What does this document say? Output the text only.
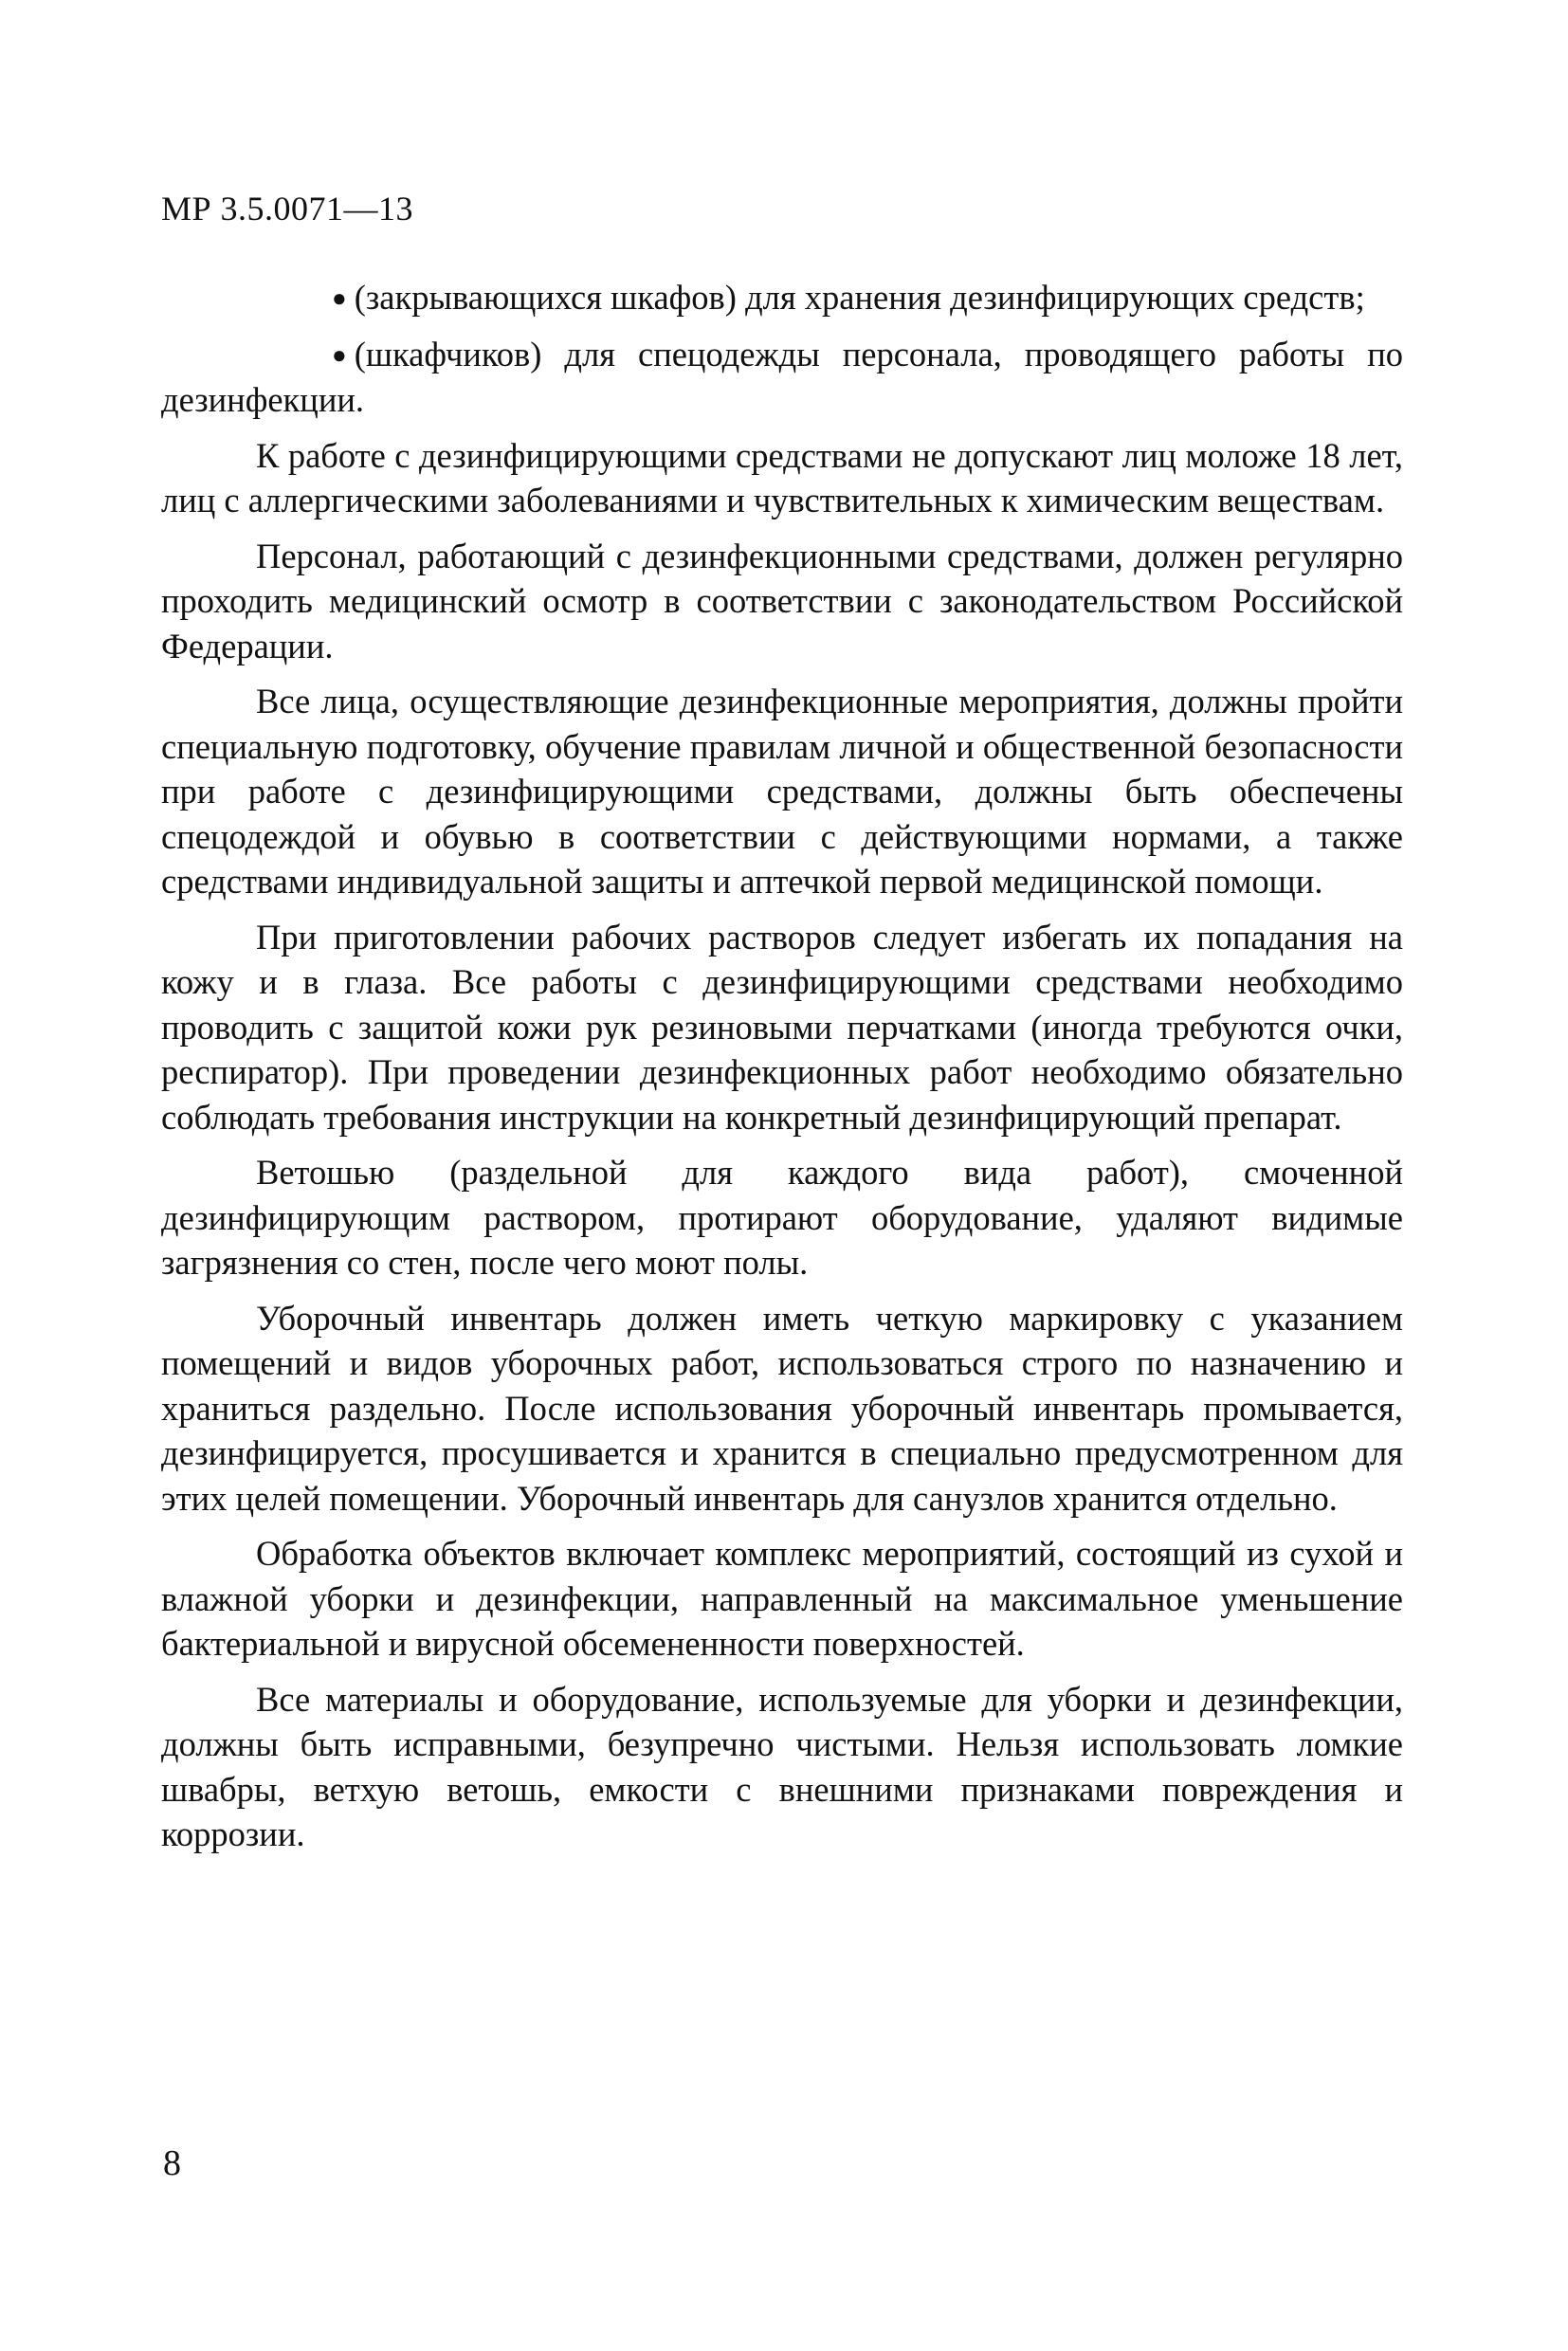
МР 3.5.0071—13

● (закрывающихся шкафов) для хранения дезинфицирующих средств;

● (шкафчиков) для спецодежды персонала, проводящего работы по дезинфекции.

К работе с дезинфицирующими средствами не допускают лиц моложе 18 лет, лиц с аллергическими заболеваниями и чувствительных к химическим веществам.

Персонал, работающий с дезинфекционными средствами, должен регулярно проходить медицинский осмотр в соответствии с законодательством Российской Федерации.

Все лица, осуществляющие дезинфекционные мероприятия, должны пройти специальную подготовку, обучение правилам личной и общественной безопасности при работе с дезинфицирующими средствами, должны быть обеспечены спецодеждой и обувью в соответствии с действующими нормами, а также средствами индивидуальной защиты и аптечкой первой медицинской помощи.

При приготовлении рабочих растворов следует избегать их попадания на кожу и в глаза. Все работы с дезинфицирующими средствами необходимо проводить с защитой кожи рук резиновыми перчатками (иногда требуются очки, респиратор). При проведении дезинфекционных работ необходимо обязательно соблюдать требования инструкции на конкретный дезинфицирующий препарат.

Ветошью (раздельной для каждого вида работ), смоченной дезинфицирующим раствором, протирают оборудование, удаляют видимые загрязнения со стен, после чего моют полы.

Уборочный инвентарь должен иметь четкую маркировку с указанием помещений и видов уборочных работ, использоваться строго по назначению и храниться раздельно. После использования уборочный инвентарь промывается, дезинфицируется, просушивается и хранится в специально предусмотренном для этих целей помещении. Уборочный инвентарь для санузлов хранится отдельно.

Обработка объектов включает комплекс мероприятий, состоящий из сухой и влажной уборки и дезинфекции, направленный на максимальное уменьшение бактериальной и вирусной обсемененности поверхностей.

Все материалы и оборудование, используемые для уборки и дезинфекции, должны быть исправными, безупречно чистыми. Нельзя использовать ломкие швабры, ветхую ветошь, емкости с внешними признаками повреждения и коррозии.

8
